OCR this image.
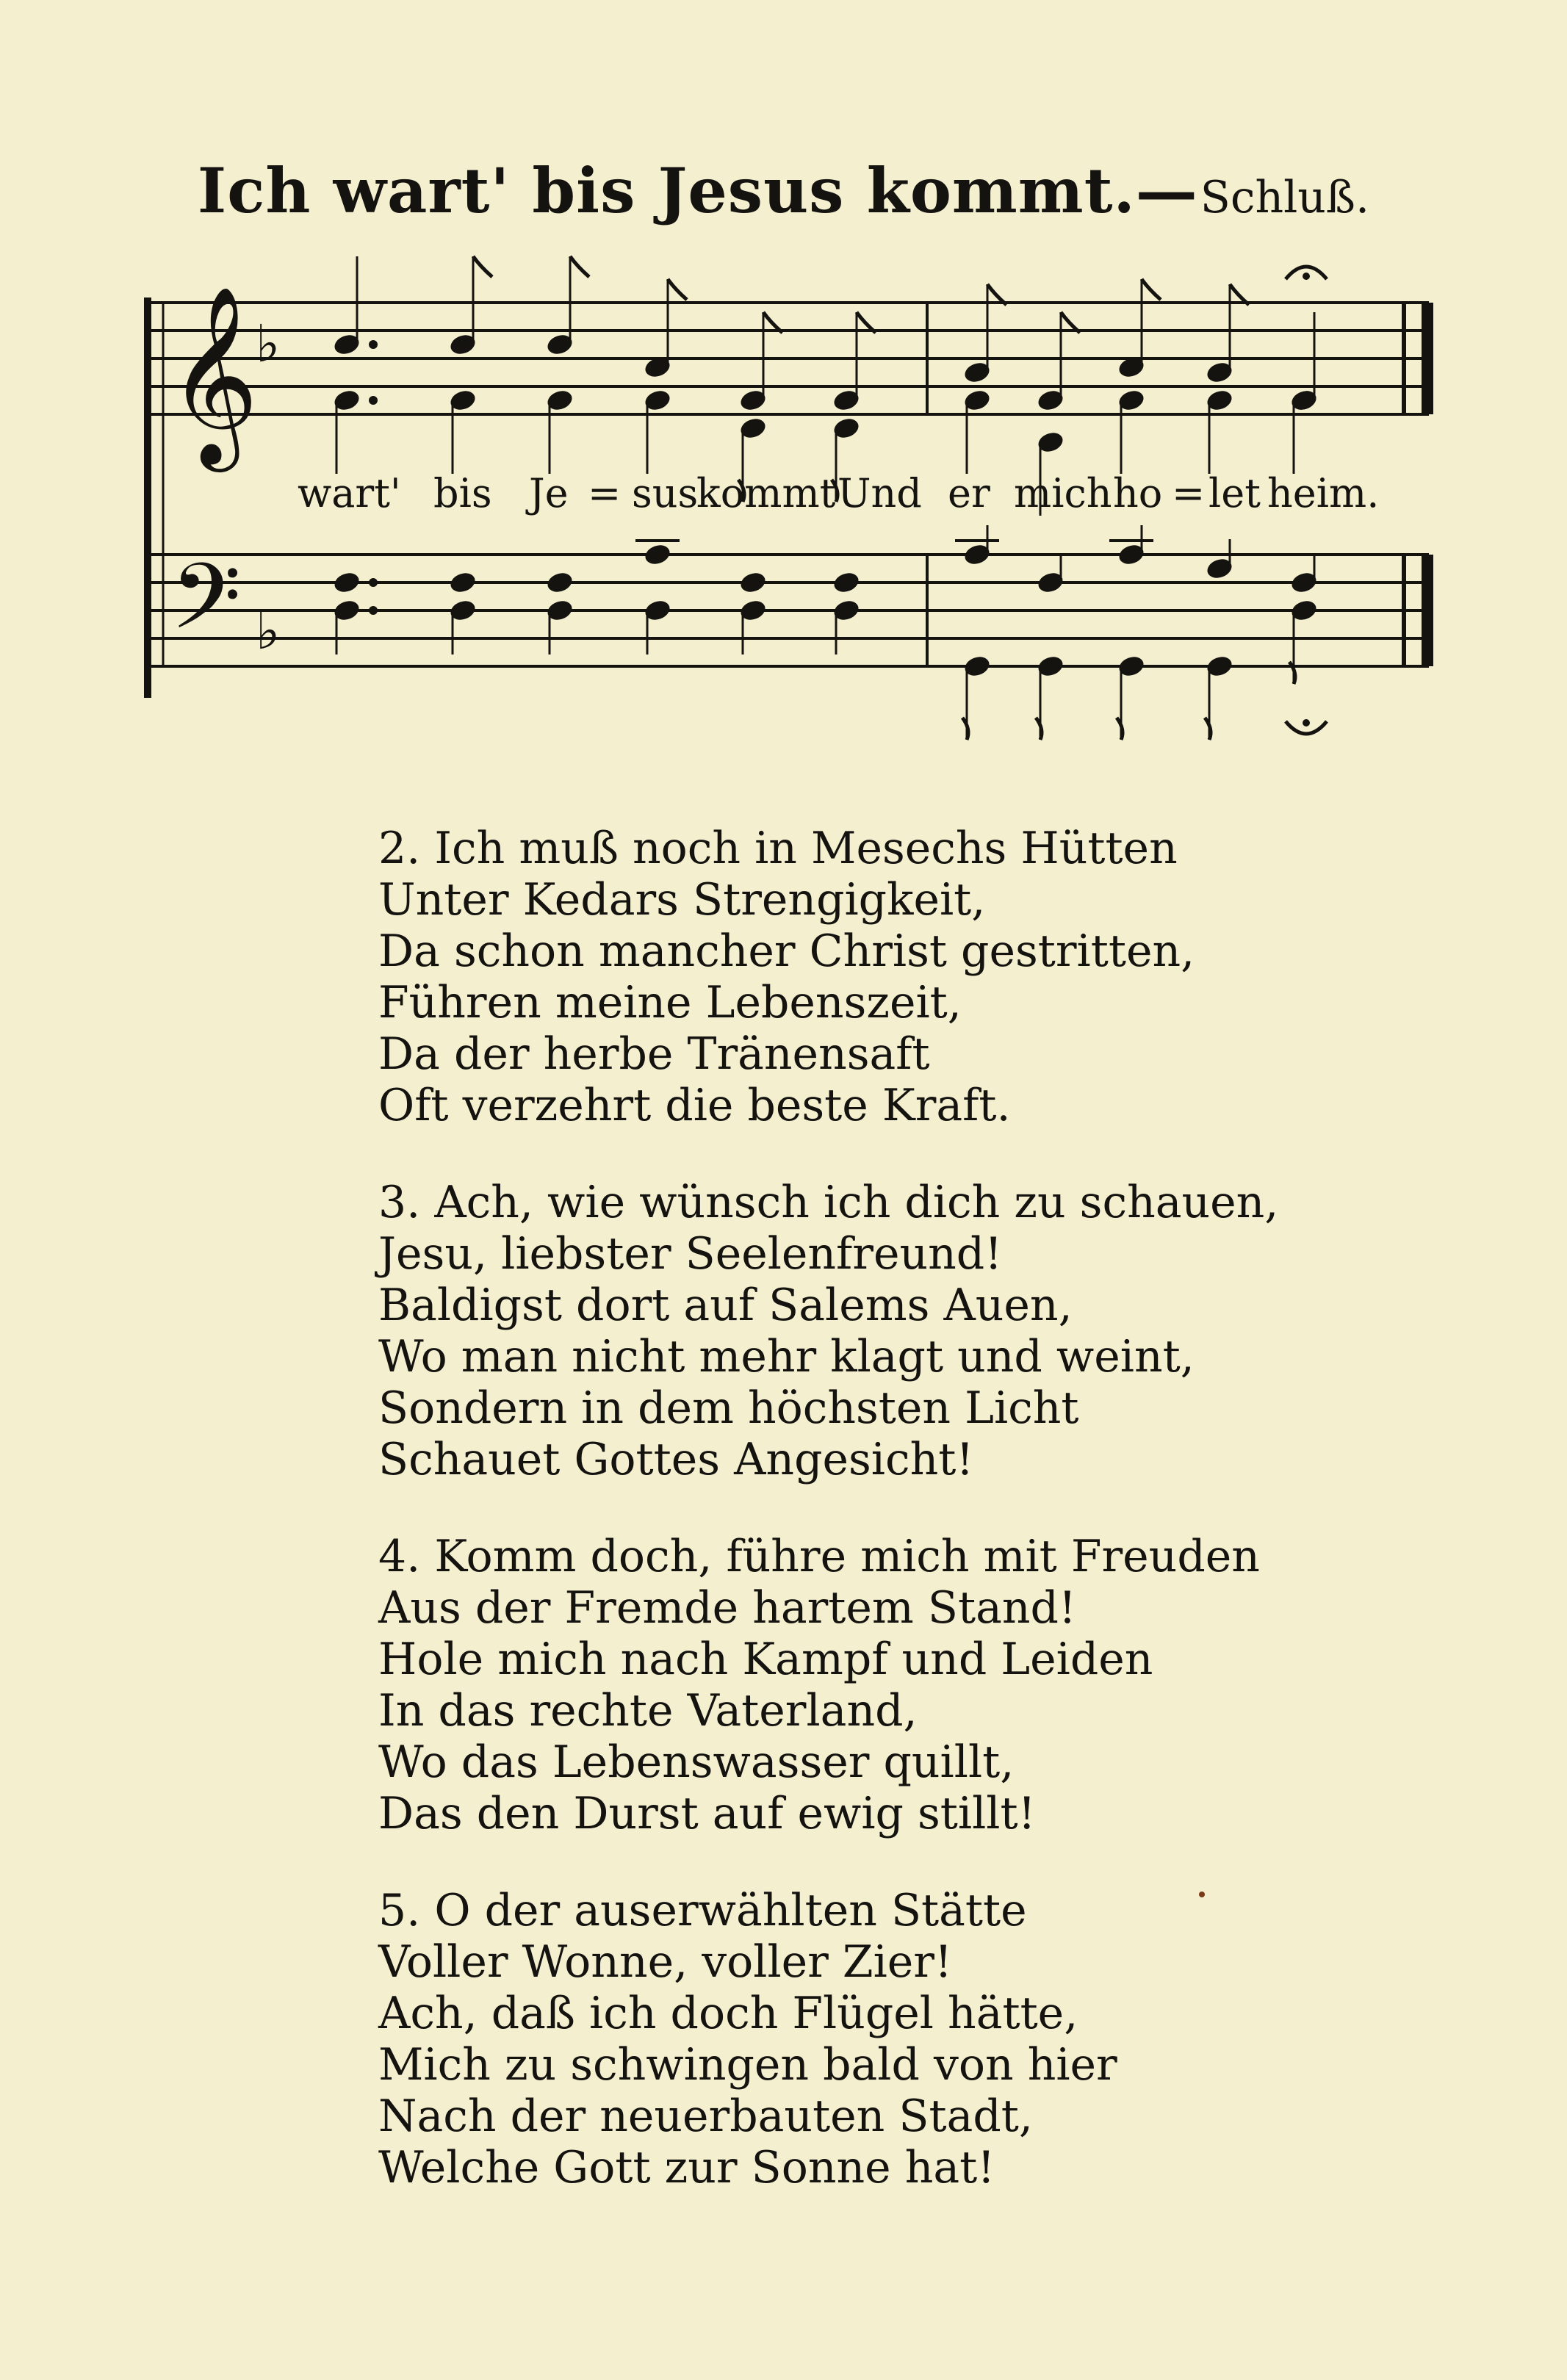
Ich wart' bis Jesus kommt.—Schluß.
𝄞
𝄢
♭
♭
wart' bis Je = sus
kommt Und er mich ho = let heim.
2. Ich muß noch in Mesechs Hütten
Unter Kedars Strengigkeit,
Da schon mancher Christ gestritten,
Führen meine Lebenszeit,
Da der herbe Tränensaft
Oft verzehrt die beste Kraft.
3. Ach, wie wünsch ich dich zu schauen,
Jesu, liebster Seelenfreund!
Baldigst dort auf Salems Auen,
Wo man nicht mehr klagt und weint,
Sondern in dem höchsten Licht
Schauet Gottes Angesicht!
4. Komm doch, führe mich mit Freuden
Aus der Fremde hartem Stand!
Hole mich nach Kampf und Leiden
In das rechte Vaterland,
Wo das Lebenswasser quillt,
Das den Durst auf ewig stillt!
5. O der auserwählten Stätte
Voller Wonne, voller Zier!
Ach, daß ich doch Flügel hätte,
Mich zu schwingen bald von hier
Nach der neuerbauten Stadt,
Welche Gott zur Sonne hat!
